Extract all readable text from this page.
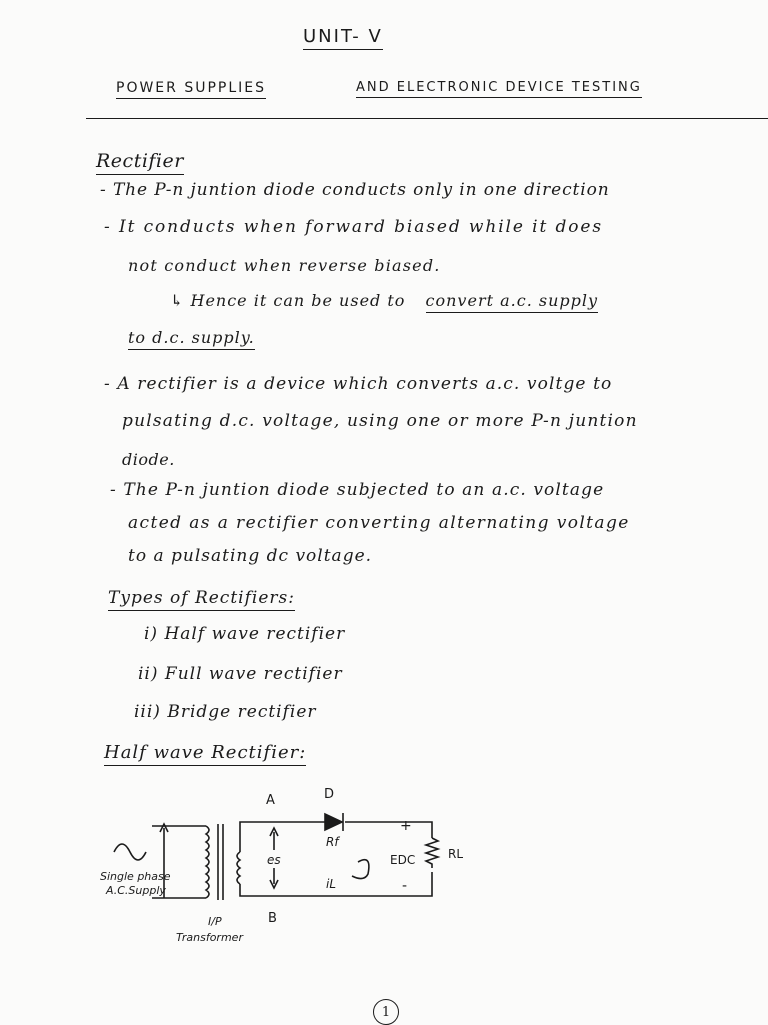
UNIT- V
POWER SUPPLIES	AND ELECTRONIC DEVICE TESTING
Rectifier
- The P-n juntion diode conducts only in one direction
- It conducts when forward biased while it does
not conduct when reverse biased.
↳ Hence it can be used to convert a.c. supply
to d.c. supply.
- A rectifier is a device which converts a.c. voltge to
pulsating d.c. voltage, using one or more P-n juntion
diode.
- The P-n juntion diode subjected to an a.c. voltage
acted as a rectifier converting alternating voltage
to a pulsating dc voltage.
Types of Rectifiers:
i) Half wave rectifier
ii) Full wave rectifier
iii) Bridge rectifier
Half wave Rectifier:
A
B
D
Rf
es
iL
EDC	RL
+
-
Single phase
A.C.Supply
I/P
Transformer
1
